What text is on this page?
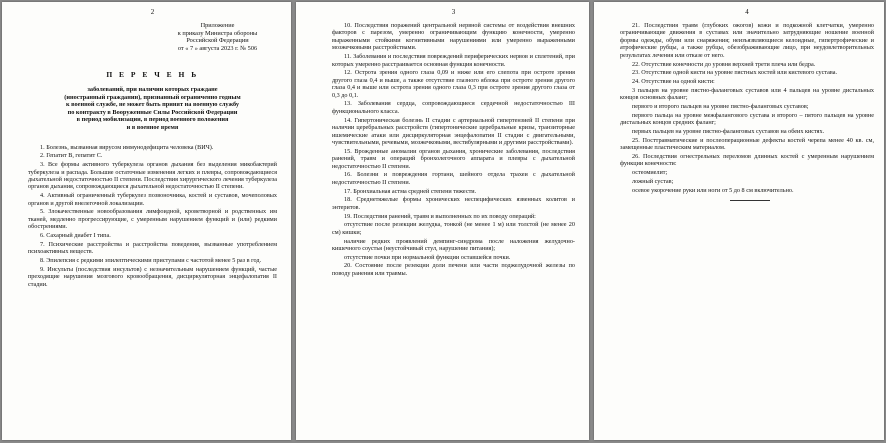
2
Приложение
к приказу Министра обороны
Российской Федерации
от « 7 » августа 2023 г. № 506
П Е Р Е Ч Е Н Ь
заболеваний, при наличии которых граждане
(иностранный гражданин), признанный ограниченно годным
к военной службе, не может быть принят на военную службу
по контракту в Вооруженные Силы Российской Федерации
в период мобилизации, в период военного положения
и в военное время

1. Болезнь, вызванная вирусом иммунодефицита человека (ВИЧ).

2. Гепатит В, гепатит С.

3. Все формы активного туберкулеза органов дыхания без выделения микобактерий туберкулеза и распада. Большие остаточные изменения легких и плевры, сопровождающиеся дыхательной недостаточностью II степени. Последствия хирургического лечения туберкулеза органов дыхания, сопровождающиеся дыхательной недостаточностью II степени.

4. Активный ограниченный туберкулез позвоночника, костей и суставов, мочеполовых органов и другой внелегочной локализации.

5. Злокачественные новообразования лимфоидной, кроветворной и родственных им тканей, медленно прогрессирующие, с умеренным нарушением функций и (или) редкими обострениями.

6. Сахарный диабет I типа.

7. Психические расстройства и расстройства поведения, вызванные употреблением психоактивных веществ.

8. Эпилепсия с редкими эпилептическими приступами с частотой менее 5 раз в год.

9. Инсульты (последствия инсультов) с незначительным нарушением функций, частые преходящие нарушения мозгового кровообращения, дисциркуляторная энцефалопатия II стадии.

3

10. Последствия поражений центральной нервной системы от воздействия внешних факторов с парезом, умеренно ограничивающим функцию конечности, умеренно выраженными стойкими когнитивными нарушениями или умеренно выраженными мозжечковыми расстройствами.

11. Заболевания и последствия повреждений периферических нервов и сплетений, при которых умеренно расстраивается основная функция конечности.

12. Острота зрения одного глаза 0,09 и ниже или его слепота при остроте зрения другого глаза 0,4 и выше, а также отсутствие глазного яблока при остроте зрения другого глаза 0,4 и выше или острота зрения одного глаза 0,3 при остроте зрения другого глаза от 0,3 до 0,1.

13. Заболевания сердца, сопровождающиеся сердечной недостаточностью III функционального класса.

14. Гипертоническая болезнь II стадии с артериальной гипертензией II степени при наличии церебральных расстройств (гипертонические церебральные кризы, транзиторные ишемические атаки или дисциркуляторная энцефалопатия II стадии с двигательными, чувствительными, речевыми, мозжечковыми, вестибулярными и другими расстройствами).

15. Врожденные аномалии органов дыхания, хронические заболевания, последствия ранений, травм и операций бронхолегочного аппарата и плевры с дыхательной недостаточностью II степени.

16. Болезни и повреждения гортани, шейного отдела трахеи с дыхательной недостаточностью II степени.

17. Бронхиальная астма средней степени тяжести.

18. Среднетяжелые формы хронических неспецифических язвенных колитов и энтеритов.

19. Последствия ранений, травм и выполненных по их поводу операций:

отсутствие после резекции желудка, тонкой (не менее 1 м) или толстой (не менее 20 см) кишки;

наличие редких проявлений демпинг-синдрома после наложения желудочно-кишечного соустья (неустойчивый стул, нарушение питания);

отсутствие почки при нормальной функции оставшейся почки.

20. Состояние после резекции доли печени или части поджелудочной железы по поводу ранения или травмы.

4

21. Последствия травм (глубоких ожогов) кожи и подкожной клетчатки, умеренно ограничивающие движения в суставах или значительно затрудняющие ношение военной формы одежды, обуви или снаряжения; неизъязвляющиеся келоидные, гипертрофические и атрофические рубцы, а также рубцы, обезображивающие лицо, при неудовлетворительных результатах лечения или отказе от него.

22. Отсутствие конечности до уровня верхней трети плеча или бедра.

23. Отсутствие одной кисти на уровне пястных костей или кистевого сустава.

24. Отсутствие на одной кисти:

3 пальцев на уровне пястно-фаланговых суставов или 4 пальцев на уровне дистальных концов основных фаланг;

первого и второго пальцев на уровне пястно-фаланговых суставов;

первого пальца на уровне межфалангового сустава и второго – пятого пальцев на уровне дистальных концов средних фаланг;

первых пальцев на уровне пястно-фаланговых суставов на обеих кистях.

25. Посттравматические и послеоперационные дефекты костей черепа менее 40 кв. см, замещенные пластическим материалом.

26. Последствия огнестрельных переломов длинных костей с умеренным нарушением функции конечности:

остеомиелит;

ложный сустав;

осевое укорочение руки или ноги от 5 до 8 см включительно.
